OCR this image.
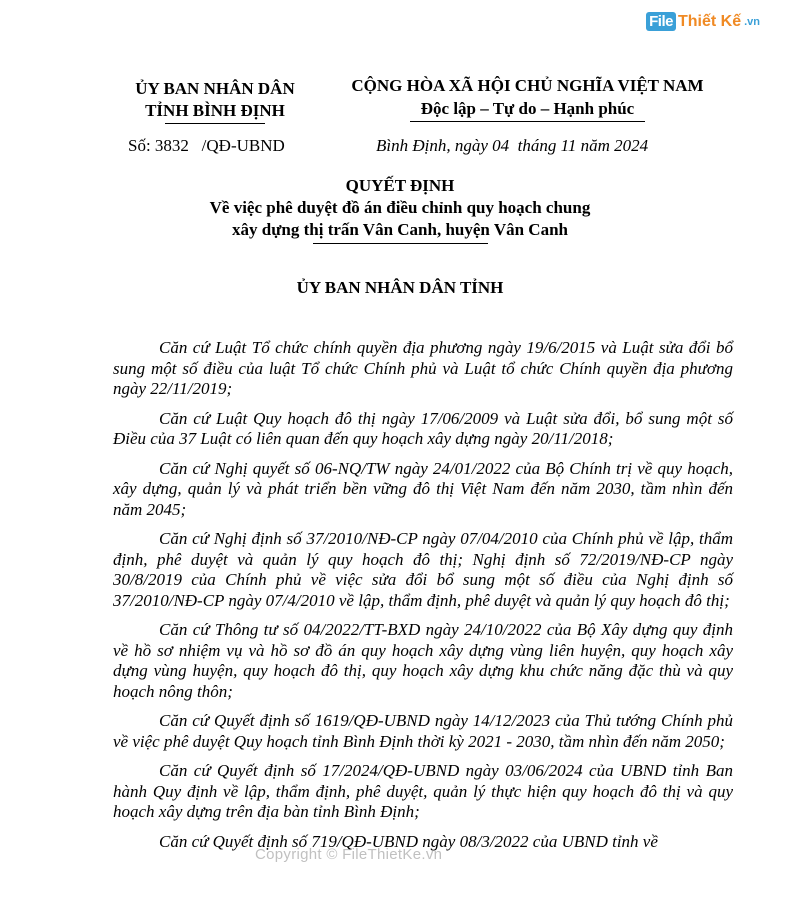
File Thiết Kế .vn
ỦY BAN NHÂN DÂN
TỈNH BÌNH ĐỊNH
CỘNG HÒA XÃ HỘI CHỦ NGHĨA VIỆT NAM
Độc lập – Tự do – Hạnh phúc
Số: 3832   /QĐ-UBND	Bình Định, ngày 04  tháng 11 năm 2024
QUYẾT ĐỊNH
Về việc phê duyệt đồ án điều chỉnh quy hoạch chung
xây dựng thị trấn Vân Canh, huyện Vân Canh
ỦY BAN NHÂN DÂN TỈNH

Căn cứ Luật Tổ chức chính quyền địa phương ngày 19/6/2015 và Luật sửa đổi bổ sung một số điều của luật Tổ chức Chính phủ và Luật tổ chức Chính quyền địa phương ngày 22/11/2019;

Căn cứ Luật Quy hoạch đô thị ngày 17/06/2009 và Luật sửa đổi, bổ sung một số Điều của 37 Luật có liên quan đến quy hoạch xây dựng ngày 20/11/2018;

Căn cứ Nghị quyết số 06-NQ/TW ngày 24/01/2022 của Bộ Chính trị về quy hoạch, xây dựng, quản lý và phát triển bền vững đô thị Việt Nam đến năm 2030, tầm nhìn đến năm 2045;

Căn cứ Nghị định số 37/2010/NĐ-CP ngày 07/04/2010 của Chính phủ về lập, thẩm định, phê duyệt và quản lý quy hoạch đô thị; Nghị định số 72/2019/NĐ-CP ngày 30/8/2019 của Chính phủ về việc sửa đổi bổ sung một số điều của Nghị định số 37/2010/NĐ-CP ngày 07/4/2010 về lập, thẩm định, phê duyệt và quản lý quy hoạch đô thị;

Căn cứ Thông tư số 04/2022/TT-BXD ngày 24/10/2022 của Bộ Xây dựng quy định về hồ sơ nhiệm vụ và hồ sơ đồ án quy hoạch xây dựng vùng liên huyện, quy hoạch xây dựng vùng huyện, quy hoạch đô thị, quy hoạch xây dựng khu chức năng đặc thù và quy hoạch nông thôn;

Căn cứ Quyết định số 1619/QĐ-UBND ngày 14/12/2023 của Thủ tướng Chính phủ về việc phê duyệt Quy hoạch tỉnh Bình Định thời kỳ 2021 - 2030, tầm nhìn đến năm 2050;

Căn cứ Quyết định số 17/2024/QĐ-UBND ngày 03/06/2024 của UBND tỉnh Ban hành Quy định về lập, thẩm định, phê duyệt, quản lý thực hiện quy hoạch đô thị và quy hoạch xây dựng trên địa bàn tỉnh Bình Định;

Căn cứ Quyết định số 719/QĐ-UBND ngày 08/3/2022 của UBND tỉnh về

Copyright © FileThietKe.vn
